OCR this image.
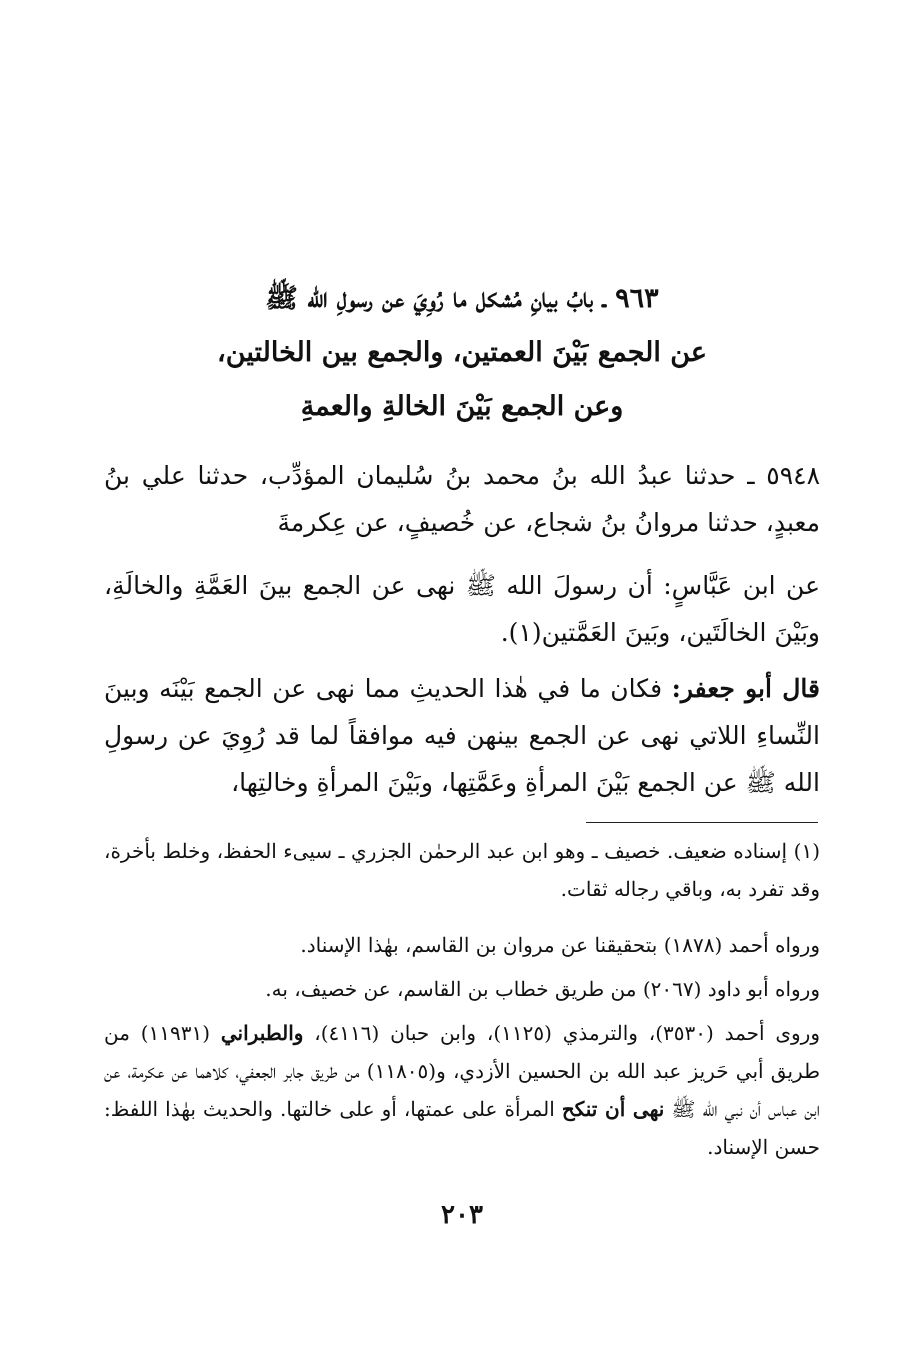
٩٦٣ ـ بابُ بيانِ مُشكل ما رُوِيَ عن رسولِ الله ﷺ
عن الجمع بَيْنَ العمتين، والجمع بين الخالتين،
وعن الجمع بَيْنَ الخالةِ والعمةِ
٥٩٤٨ ـ حدثنا عبدُ الله بنُ محمد بنُ سُليمان المؤدِّب، حدثنا علي بنُ معبدٍ، حدثنا مروانُ بنُ شجاع، عن خُصيفٍ، عن عِكرمةَ
عن ابن عَبَّاسٍ: أن رسولَ الله ﷺ نهى عن الجمع بينَ العَمَّةِ والخالَةِ، وبَيْنَ الخالَتَين، وبَينَ العَمَّتين(١).
قال أبو جعفر: فكان ما في هٰذا الحديثِ مما نهى عن الجمع بَيْنَه وبينَ النِّساءِ اللاتي نهى عن الجمع بينهن فيه موافقاً لما قد رُوِيَ عن رسولِ الله ﷺ عن الجمع بَيْنَ المرأةِ وعَمَّتِها، وبَيْنَ المرأةِ وخالتِها،
(١) إسناده ضعيف. خصيف ـ وهو ابن عبد الرحمٰن الجزري ـ سيىء الحفظ، وخلط بأخرة، وقد تفرد به، وباقي رجاله ثقات.
ورواه أحمد (١٨٧٨) بتحقيقنا عن مروان بن القاسم، بهٰذا الإسناد.
ورواه أبو داود (٢٠٦٧) من طريق خطاب بن القاسم، عن خصيف، به.
وروى أحمد (٣٥٣٠)، والترمذي (١١٢٥)، وابن حبان (٤١١٦)، والطبراني (١١٩٣١) من طريق أبي حَريز عبد الله بن الحسين الأزدي، و(١١٨٠٥) من طريق جابر الجعفي، كلاهما عن عكرمة، عن ابن عباس أن نبي الله ﷺ نهى أن تنكح المرأة على عمتها، أو على خالتها. والحديث بهٰذا اللفظ: حسن الإسناد.
٢٠٣
